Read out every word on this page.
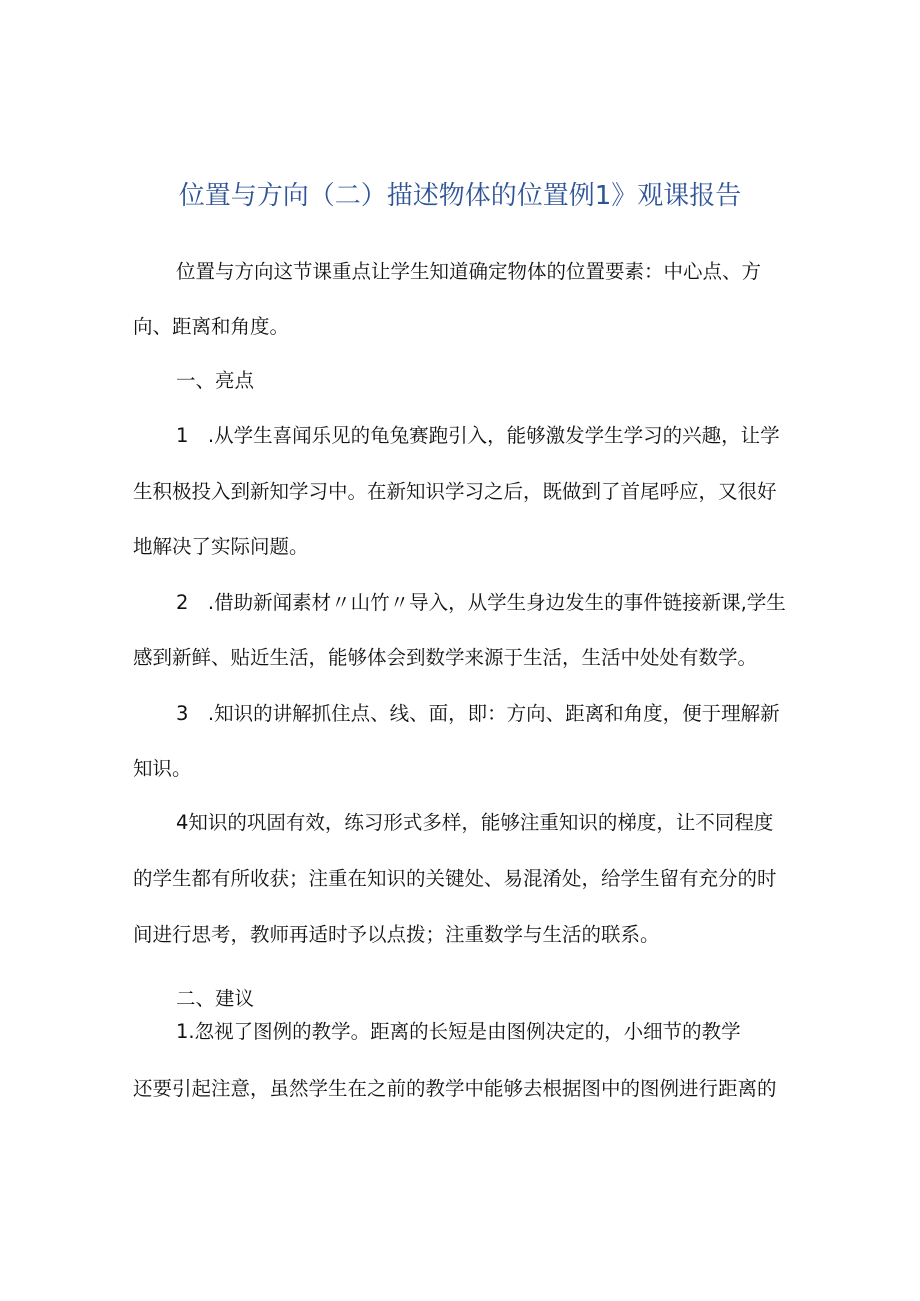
位置与方向（二）描述物体的位置例1》观课报告
位置与方向这节课重点让学生知道确定物体的位置要素：中心点、方
向、距离和角度。
一、亮点
1　.从学生喜闻乐见的龟兔赛跑引入，能够激发学生学习的兴趣，让学
生积极投入到新知学习中。在新知识学习之后，既做到了首尾呼应，又很好
地解决了实际问题。
2　.借助新闻素材〃山竹〃导入，从学生身边发生的事件链接新课,学生
感到新鲜、贴近生活，能够体会到数学来源于生活，生活中处处有数学。
3　.知识的讲解抓住点、线、面，即：方向、距离和角度，便于理解新
知识。
4知识的巩固有效，练习形式多样，能够注重知识的梯度，让不同程度
的学生都有所收获；注重在知识的关键处、易混淆处，给学生留有充分的时
间进行思考，教师再适时予以点拨；注重数学与生活的联系。
二、建议
1.忽视了图例的教学。距离的长短是由图例决定的，小细节的教学
还要引起注意，虽然学生在之前的教学中能够去根据图中的图例进行距离的
